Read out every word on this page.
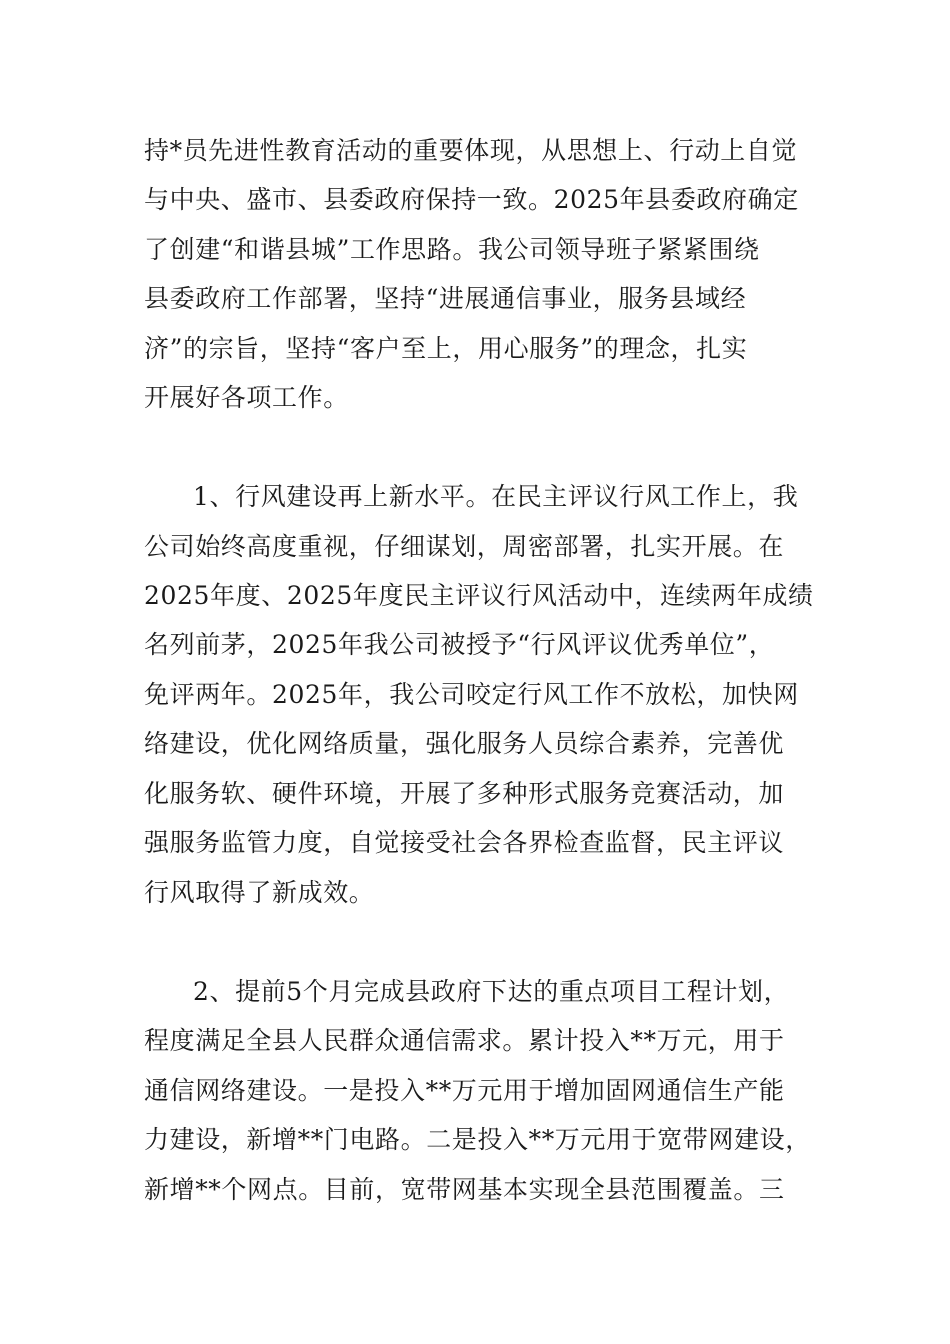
持*员先进性教育活动的重要体现，从思想上、行动上自觉
与中央、盛市、县委政府保持一致。2025年县委政府确定
了创建“和谐县城”工作思路。我公司领导班子紧紧围绕
县委政府工作部署，坚持“进展通信事业，服务县域经
济”的宗旨，坚持“客户至上，用心服务”的理念，扎实
开展好各项工作。
1、行风建设再上新水平。在民主评议行风工作上，我
公司始终高度重视，仔细谋划，周密部署，扎实开展。在
2025年度、2025年度民主评议行风活动中，连续两年成绩
名列前茅，2025年我公司被授予“行风评议优秀单位”，
免评两年。2025年，我公司咬定行风工作不放松，加快网
络建设，优化网络质量，强化服务人员综合素养，完善优
化服务软、硬件环境，开展了多种形式服务竞赛活动，加
强服务监管力度，自觉接受社会各界检查监督，民主评议
行风取得了新成效。
2、提前5个月完成县政府下达的重点项目工程计划，
程度满足全县人民群众通信需求。累计投入**万元，用于
通信网络建设。一是投入**万元用于增加固网通信生产能
力建设，新增**门电路。二是投入**万元用于宽带网建设，
新增**个网点。目前，宽带网基本实现全县范围覆盖。三
